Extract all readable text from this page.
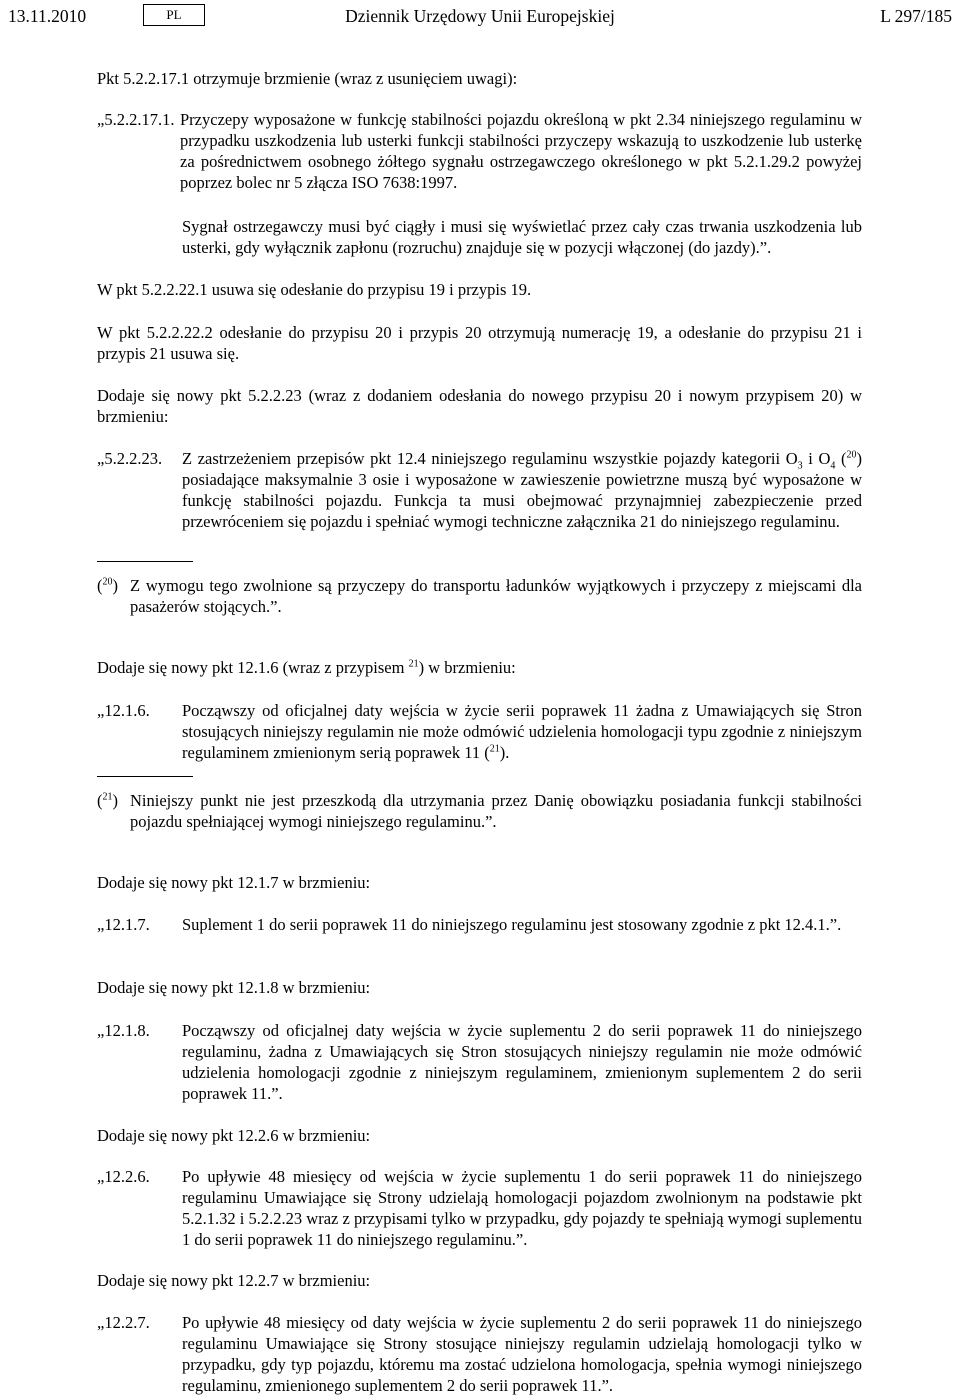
13.11.2010	Dziennik Urzędowy Unii Europejskiej
PL	L 297/185

Pkt 5.2.2.17.1 otrzymuje brzmienie (wraz z usunięciem uwagi):

„5.2.2.17.1. Przyczepy wyposażone w funkcję stabilności pojazdu określoną w pkt 2.34 niniejszego regulaminu w przypadku uszkodzenia lub usterki funkcji stabilności przyczepy wskazują to uszkodzenie lub usterkę za pośrednictwem osobnego żółtego sygnału ostrzegawczego określonego w pkt 5.2.1.29.2 powyżej poprzez bolec nr 5 złącza ISO 7638:1997.

Sygnał ostrzegawczy musi być ciągły i musi się wyświetlać przez cały czas trwania uszkodzenia lub usterki, gdy wyłącznik zapłonu (rozruchu) znajduje się w pozycji włączonej (do jazdy).”.

W pkt 5.2.2.22.1 usuwa się odesłanie do przypisu 19 i przypis 19.

W pkt 5.2.2.22.2 odesłanie do przypisu 20 i przypis 20 otrzymują numerację 19, a odesłanie do przypisu 21 i przypis 21 usuwa się.

Dodaje się nowy pkt 5.2.2.23 (wraz z dodaniem odesłania do nowego przypisu 20 i nowym przypisem 20) w brzmieniu:

„5.2.2.23. Z zastrzeżeniem przepisów pkt 12.4 niniejszego regulaminu wszystkie pojazdy kategorii $O_3$ i $O_4$ ($^{20}$) posiadające maksymalnie 3 osie i wyposażone w zawieszenie powietrzne muszą być wyposażone w funkcję stabilności pojazdu. Funkcja ta musi obejmować przynajmniej zabezpieczenie przed przewróceniem się pojazdu i spełniać wymogi techniczne załącznika 21 do niniejszego regulaminu.

($^{20}$) Z wymogu tego zwolnione są przyczepy do transportu ładunków wyjątkowych i przyczepy z miejscami dla pasażerów stojących.”.

Dodaje się nowy pkt 12.1.6 (wraz z przypisem $^{21}$) w brzmieniu:

„12.1.6. Począwszy od oficjalnej daty wejścia w życie serii poprawek 11 żadna z Umawiających się Stron stosujących niniejszy regulamin nie może odmówić udzielenia homologacji typu zgodnie z niniejszym regulaminem zmienionym serią poprawek 11 ($^{21}$).

($^{21}$) Niniejszy punkt nie jest przeszkodą dla utrzymania przez Danię obowiązku posiadania funkcji stabilności pojazdu spełniającej wymogi niniejszego regulaminu.”.

Dodaje się nowy pkt 12.1.7 w brzmieniu:

„12.1.7. Suplement 1 do serii poprawek 11 do niniejszego regulaminu jest stosowany zgodnie z pkt 12.4.1.”.

Dodaje się nowy pkt 12.1.8 w brzmieniu:

„12.1.8. Począwszy od oficjalnej daty wejścia w życie suplementu 2 do serii poprawek 11 do niniejszego regulaminu, żadna z Umawiających się Stron stosujących niniejszy regulamin nie może odmówić udzielenia homologacji zgodnie z niniejszym regulaminem, zmienionym suplementem 2 do serii poprawek 11.”.

Dodaje się nowy pkt 12.2.6 w brzmieniu:

„12.2.6. Po upływie 48 miesięcy od wejścia w życie suplementu 1 do serii poprawek 11 do niniejszego regulaminu Umawiające się Strony udzielają homologacji pojazdom zwolnionym na podstawie pkt 5.2.1.32 i 5.2.2.23 wraz z przypisami tylko w przypadku, gdy pojazdy te spełniają wymogi suplementu 1 do serii poprawek 11 do niniejszego regulaminu.”.

Dodaje się nowy pkt 12.2.7 w brzmieniu:

„12.2.7. Po upływie 48 miesięcy od daty wejścia w życie suplementu 2 do serii poprawek 11 do niniejszego regulaminu Umawiające się Strony stosujące niniejszy regulamin udzielają homologacji tylko w przypadku, gdy typ pojazdu, któremu ma zostać udzielona homologacja, spełnia wymogi niniejszego regulaminu, zmienionego suplementem 2 do serii poprawek 11.”.
